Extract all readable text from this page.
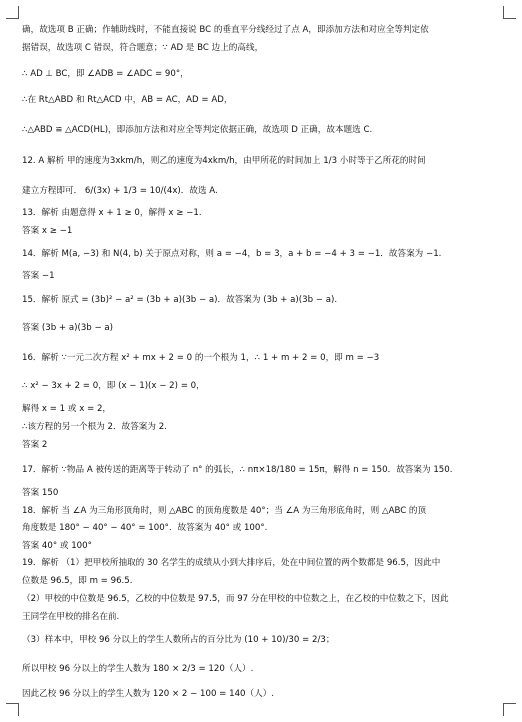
确，故选项 B 正确；作辅助线时，不能直接说 BC 的垂直平分线经过了点 A，即添加方法和对应全等判定依
据错误，故选项 C 错误，符合题意；∵ AD 是 BC 边上的高线，
∴ AD ⊥ BC，即 ∠ADB = ∠ADC = 90°，
∴在 Rt△ABD 和 Rt△ACD 中，AB = AC，AD = AD，
∴△ABD ≌ △ACD(HL)，即添加方法和对应全等判定依据正确，故选项 D 正确，故本题选 C.
12. A 解析 甲的速度为3xkm/h，则乙的速度为4xkm/h，由甲所花的时间加上 1/3 小时等于乙所花的时间
建立方程即可． 6/(3x) + 1/3 = 10/(4x)．故选 A.
13．解析 由题意得 x + 1 ≥ 0，解得 x ≥ −1.
答案 x ≥ −1
14．解析 M(a, −3) 和 N(4, b) 关于原点对称，则 a = −4，b = 3，a + b = −4 + 3 = −1．故答案为 −1.
答案 −1
15．解析 原式 = (3b)² − a² = (3b + a)(3b − a)．故答案为 (3b + a)(3b − a).
答案 (3b + a)(3b − a)
16．解析 ∵一元二次方程 x² + mx + 2 = 0 的一个根为 1，∴ 1 + m + 2 = 0，即 m = −3
∴ x² − 3x + 2 = 0，即 (x − 1)(x − 2) = 0，
解得 x = 1 或 x = 2，
∴该方程的另一个根为 2．故答案为 2.
答案 2
17．解析 ∵物品 A 被传送的距离等于转动了 n° 的弧长，∴ nπ×18/180 = 15π，解得 n = 150．故答案为 150.
答案 150
18．解析 当 ∠A 为三角形顶角时，则 △ABC 的顶角度数是 40°；当 ∠A 为三角形底角时，则 △ABC 的顶
角度数是 180° − 40° − 40° = 100°．故答案为 40° 或 100°.
答案 40° 或 100°
19．解析 （1）把甲校所抽取的 30 名学生的成绩从小到大排序后，处在中间位置的两个数都是 96.5，因此中
位数是 96.5，即 m = 96.5.
（2）甲校的中位数是 96.5，乙校的中位数是 97.5，而 97 分在甲校的中位数之上，在乙校的中位数之下，因此
王同学在甲校的排名在前.
（3）样本中，甲校 96 分以上的学生人数所占的百分比为 (10 + 10)/30 = 2/3；
所以甲校 96 分以上的学生人数为 180 × 2/3 = 120（人）.
因此乙校 96 分以上的学生人数为 120 × 2 − 100 = 140（人）.
